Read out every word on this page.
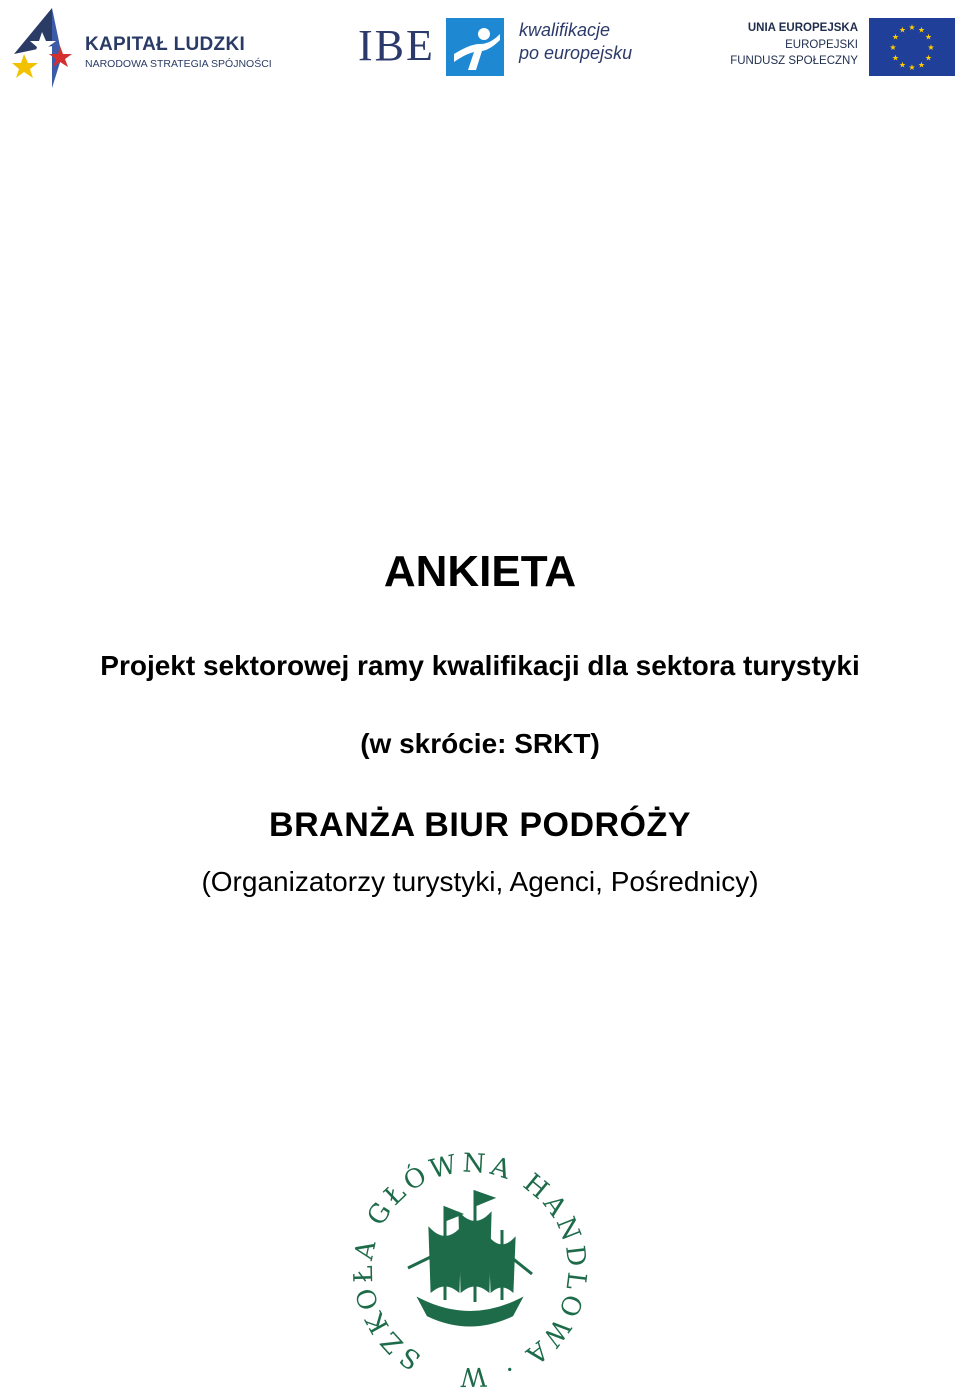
KAPITAŁ LUDZKI
NARODOWA STRATEGIA SPÓJNOŚCI IBE	kwalifikacje
po europejsku
UNIA EUROPEJSKA
EUROPEJSKI
FUNDUSZ SPOŁECZNY
★ ★
★
★
★
★
★
★
★
★
★
★
ANKIETA
Projekt sektorowej ramy kwalifikacji dla sektora turystyki
(w skrócie: SRKT)
BRANŻA BIUR PODRÓŻY
(Organizatorzy turystyki, Agenci, Pośrednicy)
SZKOŁA GŁÓWNA HANDLOWA · W
